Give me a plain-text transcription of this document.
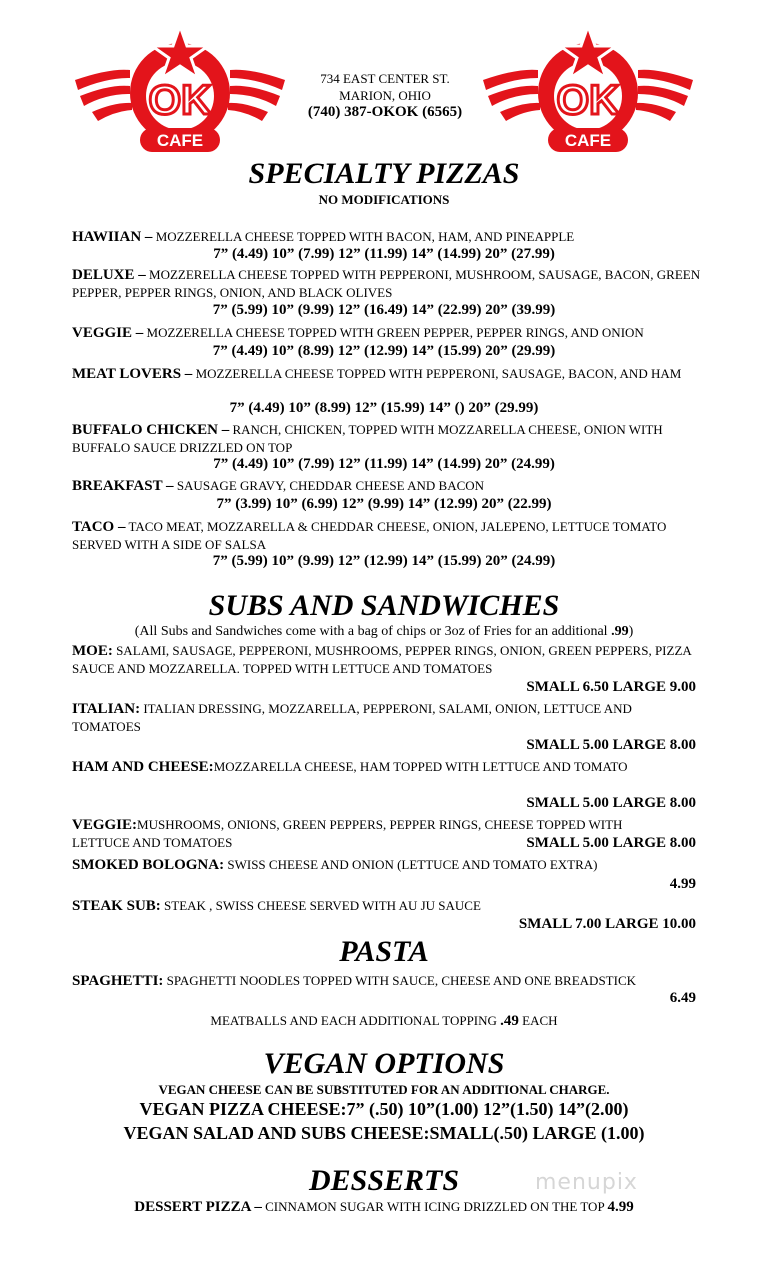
OK
CAFE
OK
CAFE
734 EAST CENTER ST.
MARION, OHIO
(740) 387-OKOK (6565)
SPECIALTY PIZZAS
NO MODIFICATIONS
HAWIIAN – MOZZERELLA CHEESE TOPPED WITH BACON, HAM, AND PINEAPPLE
7” (4.49) 10” (7.99) 12” (11.99) 14” (14.99) 20” (27.99)
DELUXE – MOZZERELLA CHEESE TOPPED WITH PEPPERONI, MUSHROOM, SAUSAGE, BACON, GREEN PEPPER, PEPPER RINGS, ONION, AND BLACK OLIVES
7” (5.99) 10” (9.99) 12” (16.49) 14” (22.99) 20” (39.99)
VEGGIE – MOZZERELLA CHEESE TOPPED WITH GREEN PEPPER, PEPPER RINGS, AND ONION
7” (4.49) 10” (8.99) 12” (12.99) 14” (15.99) 20” (29.99)
MEAT LOVERS – MOZZERELLA CHEESE TOPPED WITH PEPPERONI, SAUSAGE, BACON, AND HAM
7” (4.49) 10” (8.99) 12” (15.99) 14” () 20” (29.99)
BUFFALO CHICKEN – RANCH, CHICKEN, TOPPED WITH MOZZARELLA CHEESE, ONION WITH BUFFALO SAUCE DRIZZLED ON TOP
7” (4.49) 10” (7.99) 12” (11.99) 14” (14.99) 20” (24.99)
BREAKFAST – SAUSAGE GRAVY, CHEDDAR CHEESE AND BACON
7” (3.99) 10” (6.99) 12” (9.99) 14” (12.99) 20” (22.99)
TACO – TACO MEAT, MOZZARELLA & CHEDDAR CHEESE, ONION, JALEPENO, LETTUCE TOMATO SERVED WITH A SIDE OF SALSA
7” (5.99) 10” (9.99) 12” (12.99) 14” (15.99) 20” (24.99)
SUBS AND SANDWICHES
(All Subs and Sandwiches come with a bag of chips or 3oz of Fries for an additional .99)
MOE: SALAMI, SAUSAGE, PEPPERONI, MUSHROOMS, PEPPER RINGS, ONION, GREEN PEPPERS, PIZZA SAUCE AND MOZZARELLA. TOPPED WITH LETTUCE AND TOMATOES
SMALL 6.50 LARGE 9.00
ITALIAN: ITALIAN DRESSING, MOZZARELLA, PEPPERONI, SALAMI, ONION, LETTUCE AND TOMATOES
SMALL 5.00 LARGE 8.00
HAM AND CHEESE:MOZZARELLA CHEESE, HAM TOPPED WITH LETTUCE AND TOMATO
SMALL 5.00 LARGE 8.00
VEGGIE:MUSHROOMS, ONIONS, GREEN PEPPERS, PEPPER RINGS, CHEESE TOPPED WITH LETTUCE AND TOMATOES	SMALL 5.00 LARGE 8.00
SMOKED BOLOGNA: SWISS CHEESE AND ONION (LETTUCE AND TOMATO EXTRA)
4.99
STEAK SUB: STEAK , SWISS CHEESE SERVED WITH AU JU SAUCE
SMALL 7.00 LARGE 10.00
PASTA
SPAGHETTI: SPAGHETTI NOODLES TOPPED WITH SAUCE, CHEESE AND ONE BREADSTICK
6.49
MEATBALLS AND EACH ADDITIONAL TOPPING .49 EACH
VEGAN OPTIONS
VEGAN CHEESE CAN BE SUBSTITUTED FOR AN ADDITIONAL CHARGE.
VEGAN PIZZA CHEESE:7” (.50) 10”(1.00) 12”(1.50) 14”(2.00)
VEGAN SALAD AND SUBS CHEESE:SMALL(.50) LARGE (1.00)
DESSERTS
DESSERT PIZZA – CINNAMON SUGAR WITH ICING DRIZZLED ON THE TOP 4.99
menupix
